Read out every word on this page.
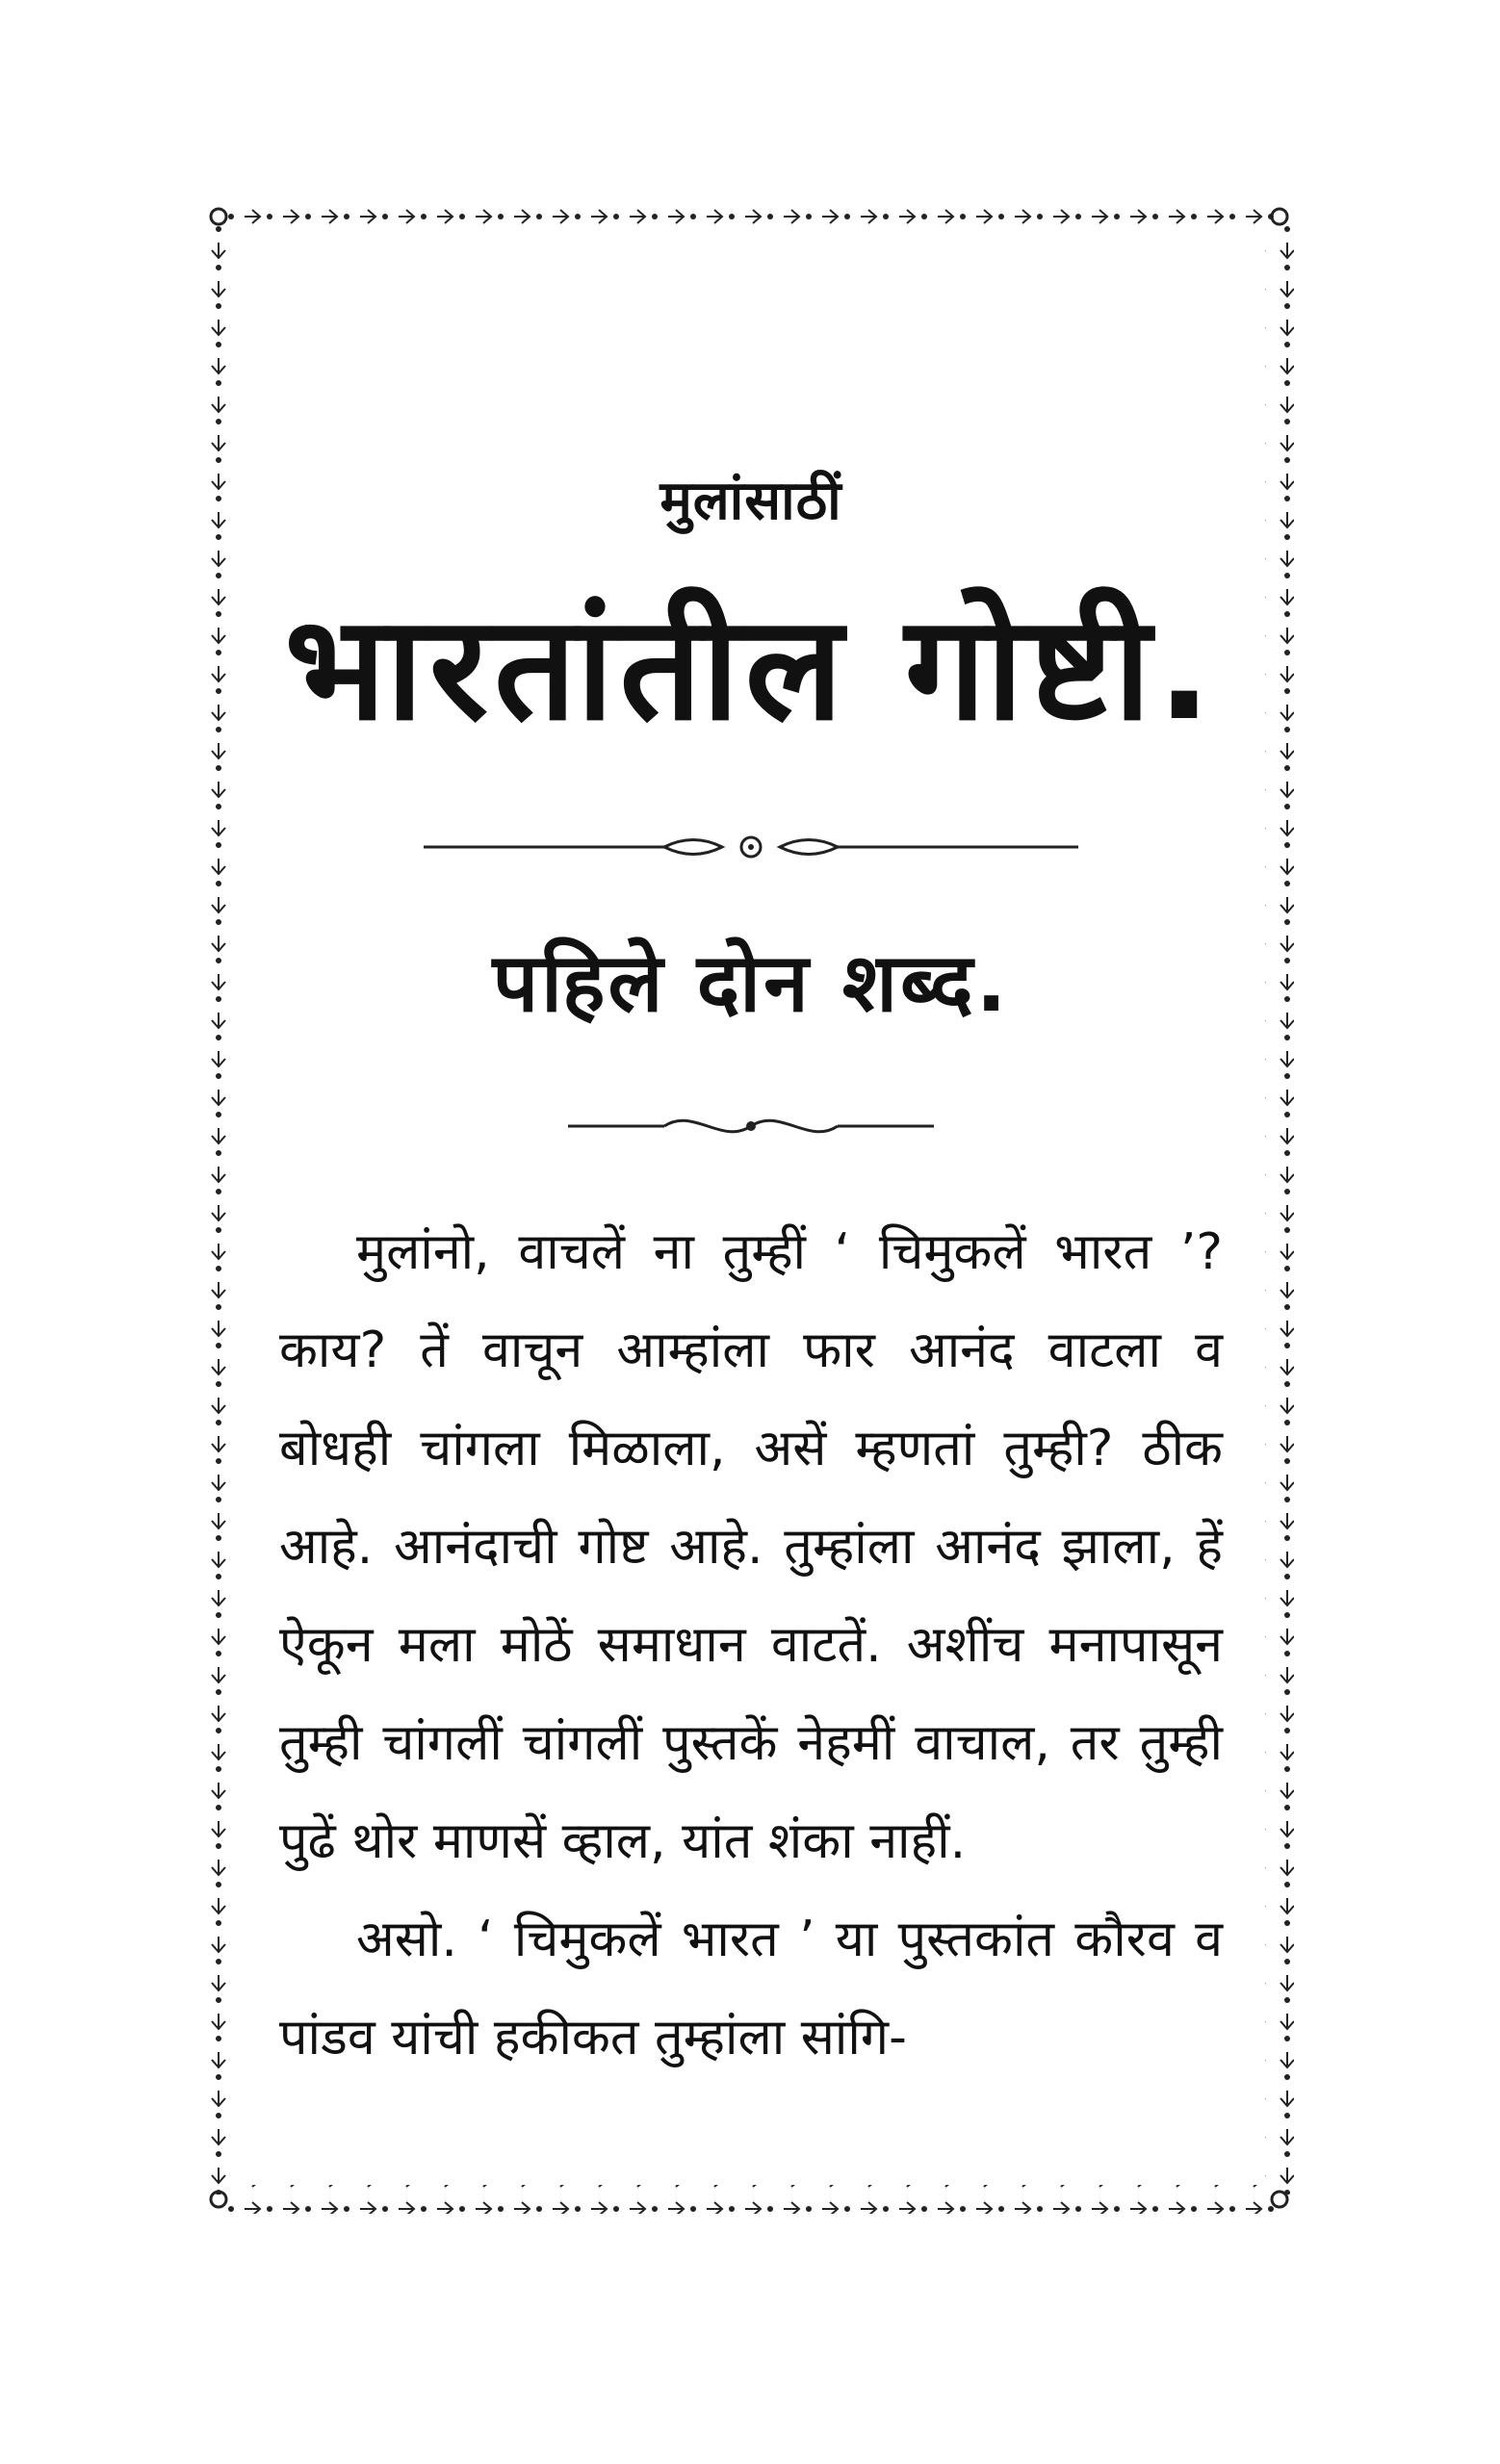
मुलांसाठीं
भारतांतील गोष्टी.
पहिले दोन शब्द.

मुलांनो, वाचलें ना तुम्हीं ‘ चिमुकलें भारत ’? काय? तें वाचून आम्हांला फार आनंद वाटला व बोधही चांगला मिळाला, असें म्हणतां तुम्ही? ठीक आहे. आनंदाची गोष्ट आहे. तुम्हांला आनंद झाला, हें ऐकून मला मोठें समाधान वाटतें. अशींच मनापासून तुम्ही चांगलीं चांगलीं पुस्तकें नेहमीं वाचाल, तर तुम्ही पुढें थोर माणसें व्हाल, यांत शंका नाहीं.

असो. ‘ चिमुकलें भारत ’ या पुस्तकांत कौरव व पांडव यांची हकीकत तुम्हांला सांगि-
